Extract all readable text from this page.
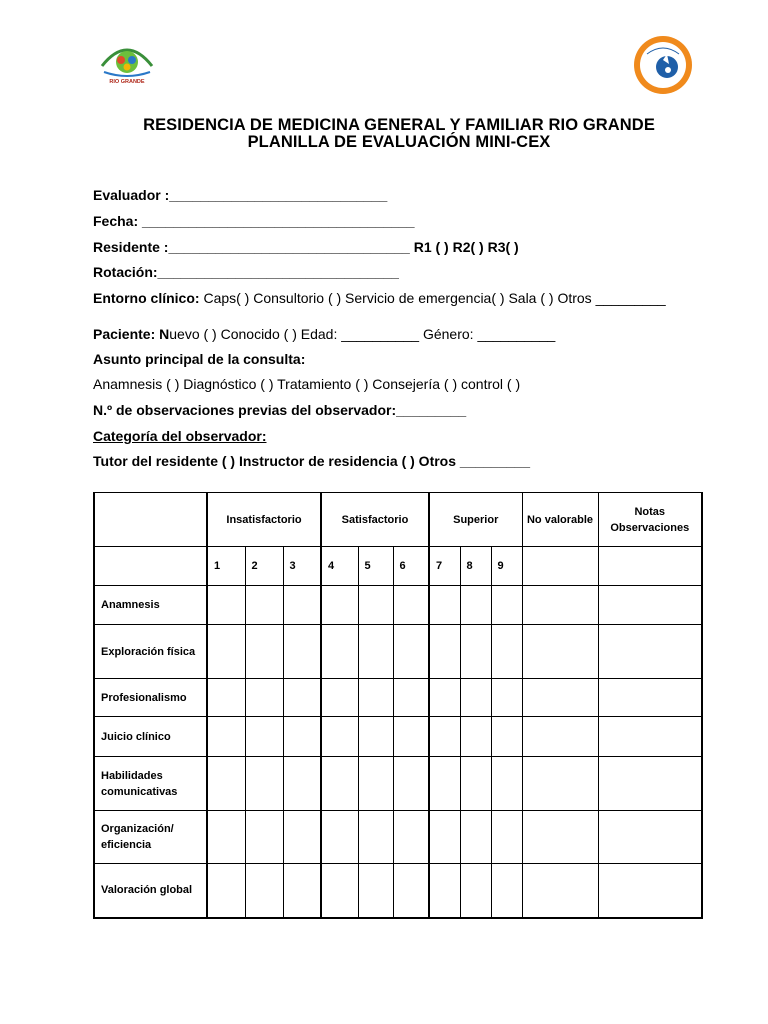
RIO GRANDE
RESIDENCIA DE MEDICINA GENERAL Y FAMILIAR RIO GRANDE
PLANILLA DE EVALUACIÓN MINI-CEX
Evaluador :____________________________
Fecha: ___________________________________
Residente :_______________________________ R1 ( ) R2( ) R3( )
Rotación:_______________________________
Entorno clínico: Caps( ) Consultorio ( ) Servicio de emergencia( ) Sala ( ) Otros _________
Paciente: Nuevo ( ) Conocido ( ) Edad: __________ Género: __________
Asunto principal de la consulta:
Anamnesis ( ) Diagnóstico ( ) Tratamiento ( ) Consejería ( ) control ( )
N.º de observaciones previas del observador:_________
Categoría del observador:
Tutor del residente ( ) Instructor de residencia ( ) Otros _________
	Insatisfactorio			Satisfactorio			Superior			No valorable	Notas Observaciones
	1	2	3	4	5	6	7	8	9		
Anamnesis											
Exploración física											
Profesionalismo											
Juicio clínico											
Habilidades comunicativas											
Organización/ eficiencia											
Valoración global											
